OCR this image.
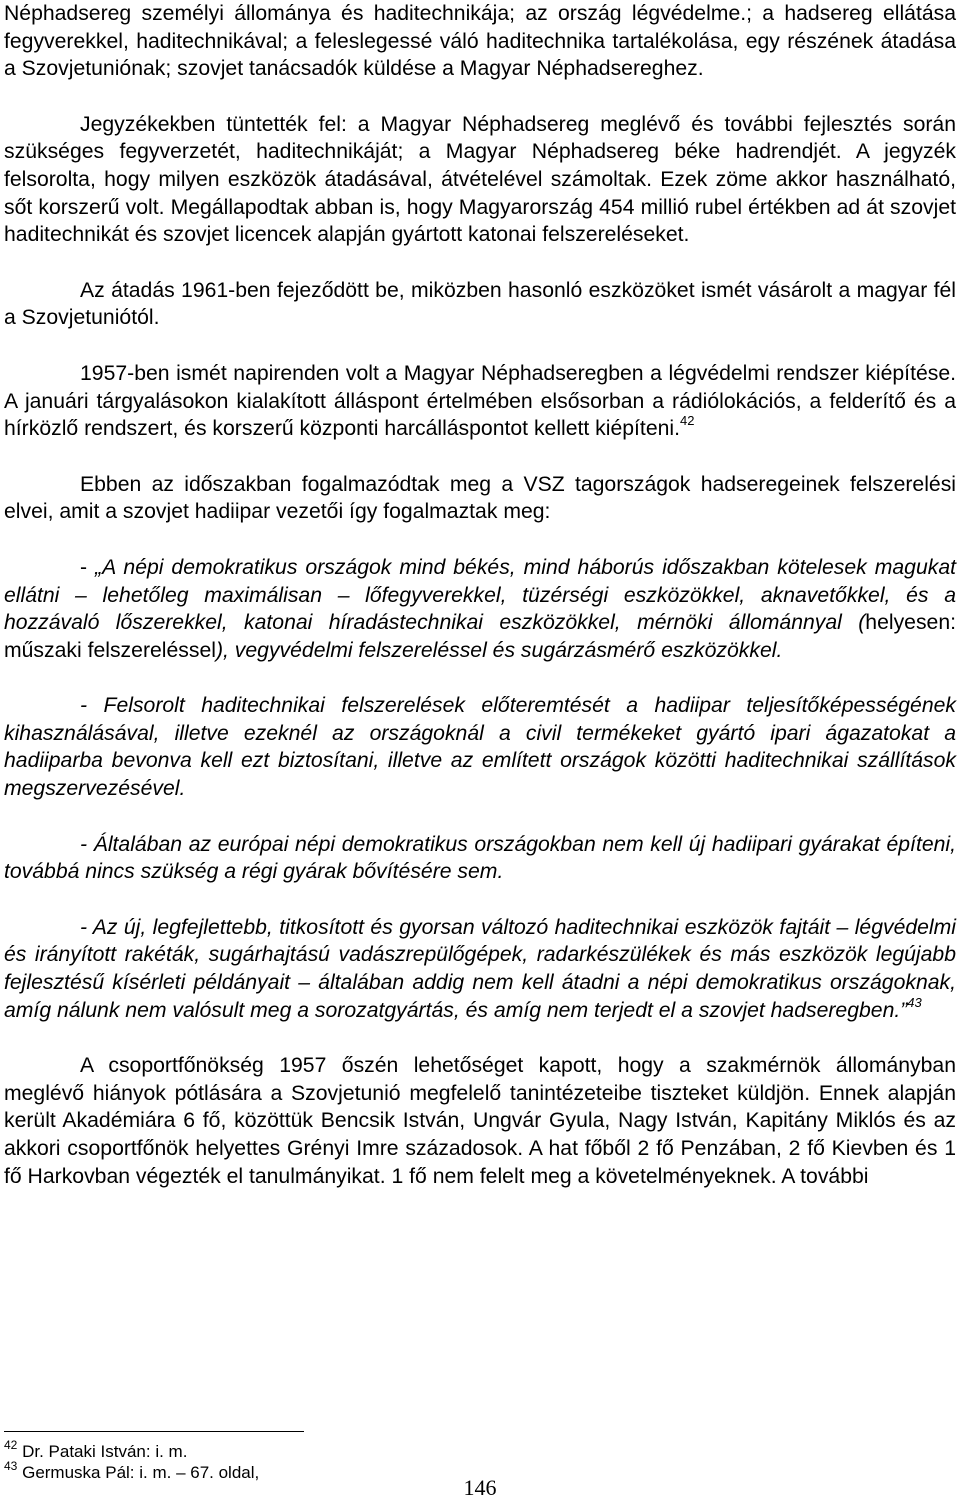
Néphadsereg személyi állománya és haditechnikája; az ország légvédelme.; a hadsereg ellátása fegyverekkel, haditechnikával; a feleslegessé váló haditechnika tartalékolása, egy részének átadása a Szovjetuniónak; szovjet tanácsadók küldése a Magyar Néphadsereghez.

Jegyzékekben tüntették fel: a Magyar Néphadsereg meglévő és további fejlesztés során szükséges fegyverzetét, haditechnikáját; a Magyar Néphadsereg béke hadrendjét. A jegyzék felsorolta, hogy milyen eszközök átadásával, átvételével számoltak. Ezek zöme akkor használható, sőt korszerű volt. Megállapodtak abban is, hogy Magyarország 454 millió rubel értékben ad át szovjet haditechnikát és szovjet licencek alapján gyártott katonai felszereléseket.

Az átadás 1961-ben fejeződött be, miközben hasonló eszközöket ismét vásárolt a magyar fél a Szovjetuniótól.

1957-ben ismét napirenden volt a Magyar Néphadseregben a légvédelmi rendszer kiépítése. A januári tárgyalásokon kialakított álláspont értelmében elsősorban a rádiólokációs, a felderítő és a hírközlő rendszert, és korszerű központi harcálláspontot kellett kiépíteni.$^{42}$

Ebben az időszakban fogalmazódtak meg a VSZ tagországok hadseregeinek felszerelési elvei, amit a szovjet hadiipar vezetői így fogalmaztak meg:

- „A népi demokratikus országok mind békés, mind háborús időszakban kötelesek magukat ellátni – lehetőleg maximálisan – lőfegyverekkel, tüzérségi eszközökkel, aknavetőkkel, és a hozzávaló lőszerekkel, katonai híradástechnikai eszközökkel, mérnöki állománnyal (helyesen: műszaki felszereléssel), vegyvédelmi felszereléssel és sugárzásmérő eszközökkel.

- Felsorolt haditechnikai felszerelések előteremtését a hadiipar teljesítőképességének kihasználásával, illetve ezeknél az országoknál a civil termékeket gyártó ipari ágazatokat a hadiiparba bevonva kell ezt biztosítani, illetve az említett országok közötti haditechnikai szállítások megszervezésével.

- Általában az európai népi demokratikus országokban nem kell új hadiipari gyárakat építeni, továbbá nincs szükség a régi gyárak bővítésére sem.

- Az új, legfejlettebb, titkosított és gyorsan változó haditechnikai eszközök fajtáit – légvédelmi és irányított rakéták, sugárhajtású vadászrepülőgépek, radarkészülékek és más eszközök legújabb fejlesztésű kísérleti példányait – általában addig nem kell átadni a népi demokratikus országoknak, amíg nálunk nem valósult meg a sorozatgyártás, és amíg nem terjedt el a szovjet hadseregben.”$^{43}$

A csoportfőnökség 1957 őszén lehetőséget kapott, hogy a szakmérnök állományban meglévő hiányok pótlására a Szovjetunió megfelelő tanintézeteibe tiszteket küldjön. Ennek alapján került Akadémiára 6 fő, közöttük Bencsik István, Ungvár Gyula, Nagy István, Kapitány Miklós és az akkori csoportfőnök helyettes Grényi Imre századosok. A hat főből 2 fő Penzában, 2 fő Kievben és 1 fő Harkovban végezték el tanulmányikat. 1 fő nem felelt meg a követelményeknek. A további

$^{42}$ Dr. Pataki István: i. m.
$^{43}$ Germuska Pál: i. m. – 67. oldal,
146
